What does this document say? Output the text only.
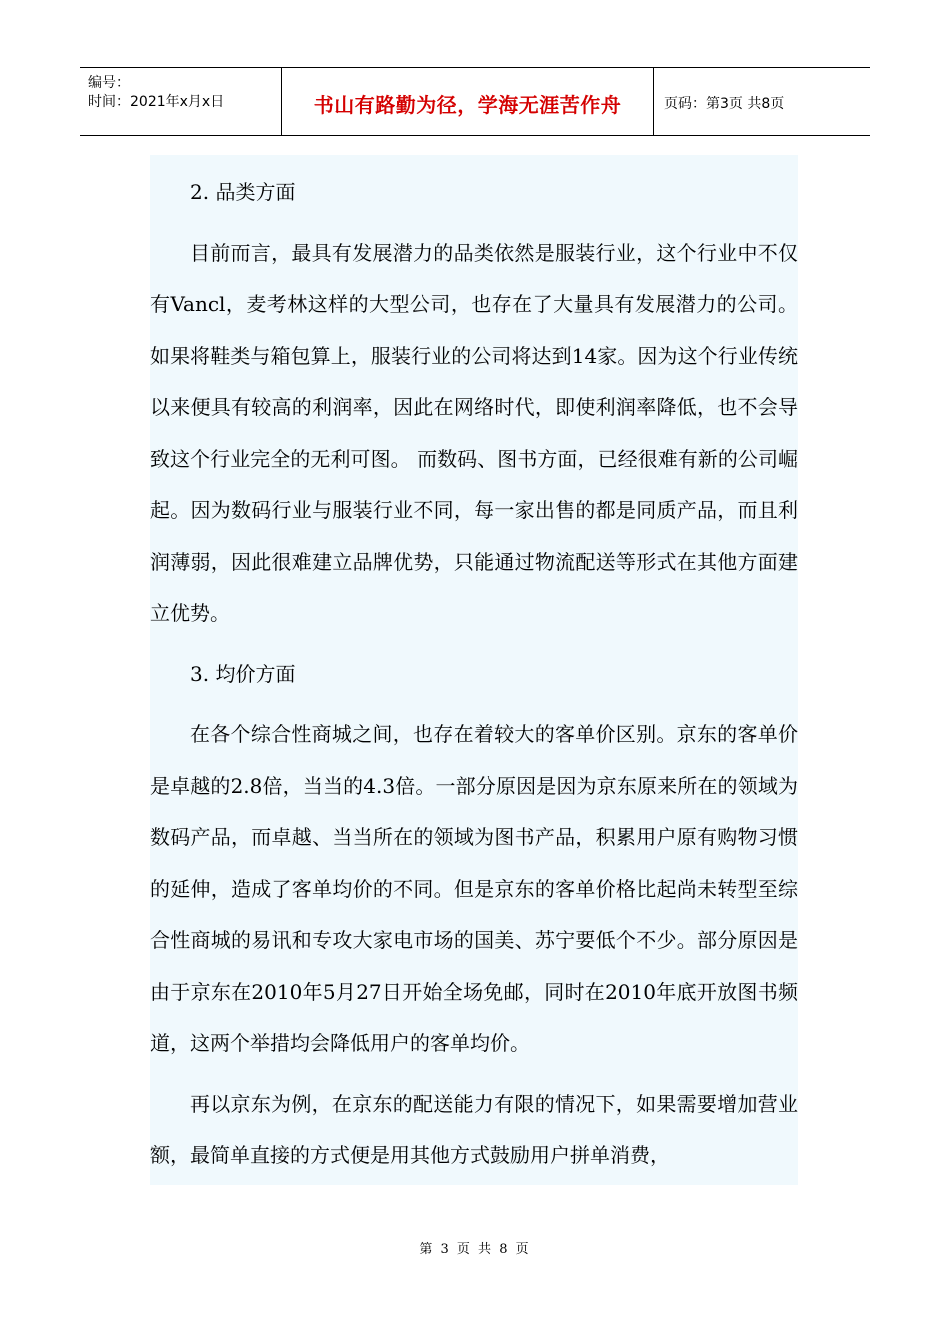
编号：
时间：2021年x月x日	书山有路勤为径，学海无涯苦作舟	页码：第3页 共8页

2. 品类方面

目前而言，最具有发展潜力的品类依然是服装行业，这个行业中不仅有Vancl，麦考林这样的大型公司，也存在了大量具有发展潜力的公司。如果将鞋类与箱包算上，服装行业的公司将达到14家。因为这个行业传统以来便具有较高的利润率，因此在网络时代，即使利润率降低，也不会导致这个行业完全的无利可图。 而数码、图书方面，已经很难有新的公司崛起。因为数码行业与服装行业不同，每一家出售的都是同质产品，而且利润薄弱，因此很难建立品牌优势，只能通过物流配送等形式在其他方面建立优势。

3. 均价方面

在各个综合性商城之间，也存在着较大的客单价区别。京东的客单价是卓越的2.8倍，当当的4.3倍。一部分原因是因为京东原来所在的领域为数码产品，而卓越、当当所在的领域为图书产品，积累用户原有购物习惯的延伸，造成了客单均价的不同。但是京东的客单价格比起尚未转型至综合性商城的易讯和专攻大家电市场的国美、苏宁要低个不少。部分原因是由于京东在2010年5月27日开始全场免邮，同时在2010年底开放图书频道，这两个举措均会降低用户的客单均价。

再以京东为例，在京东的配送能力有限的情况下，如果需要增加营业额，最简单直接的方式便是用其他方式鼓励用户拼单消费，

第 3 页 共 8 页
